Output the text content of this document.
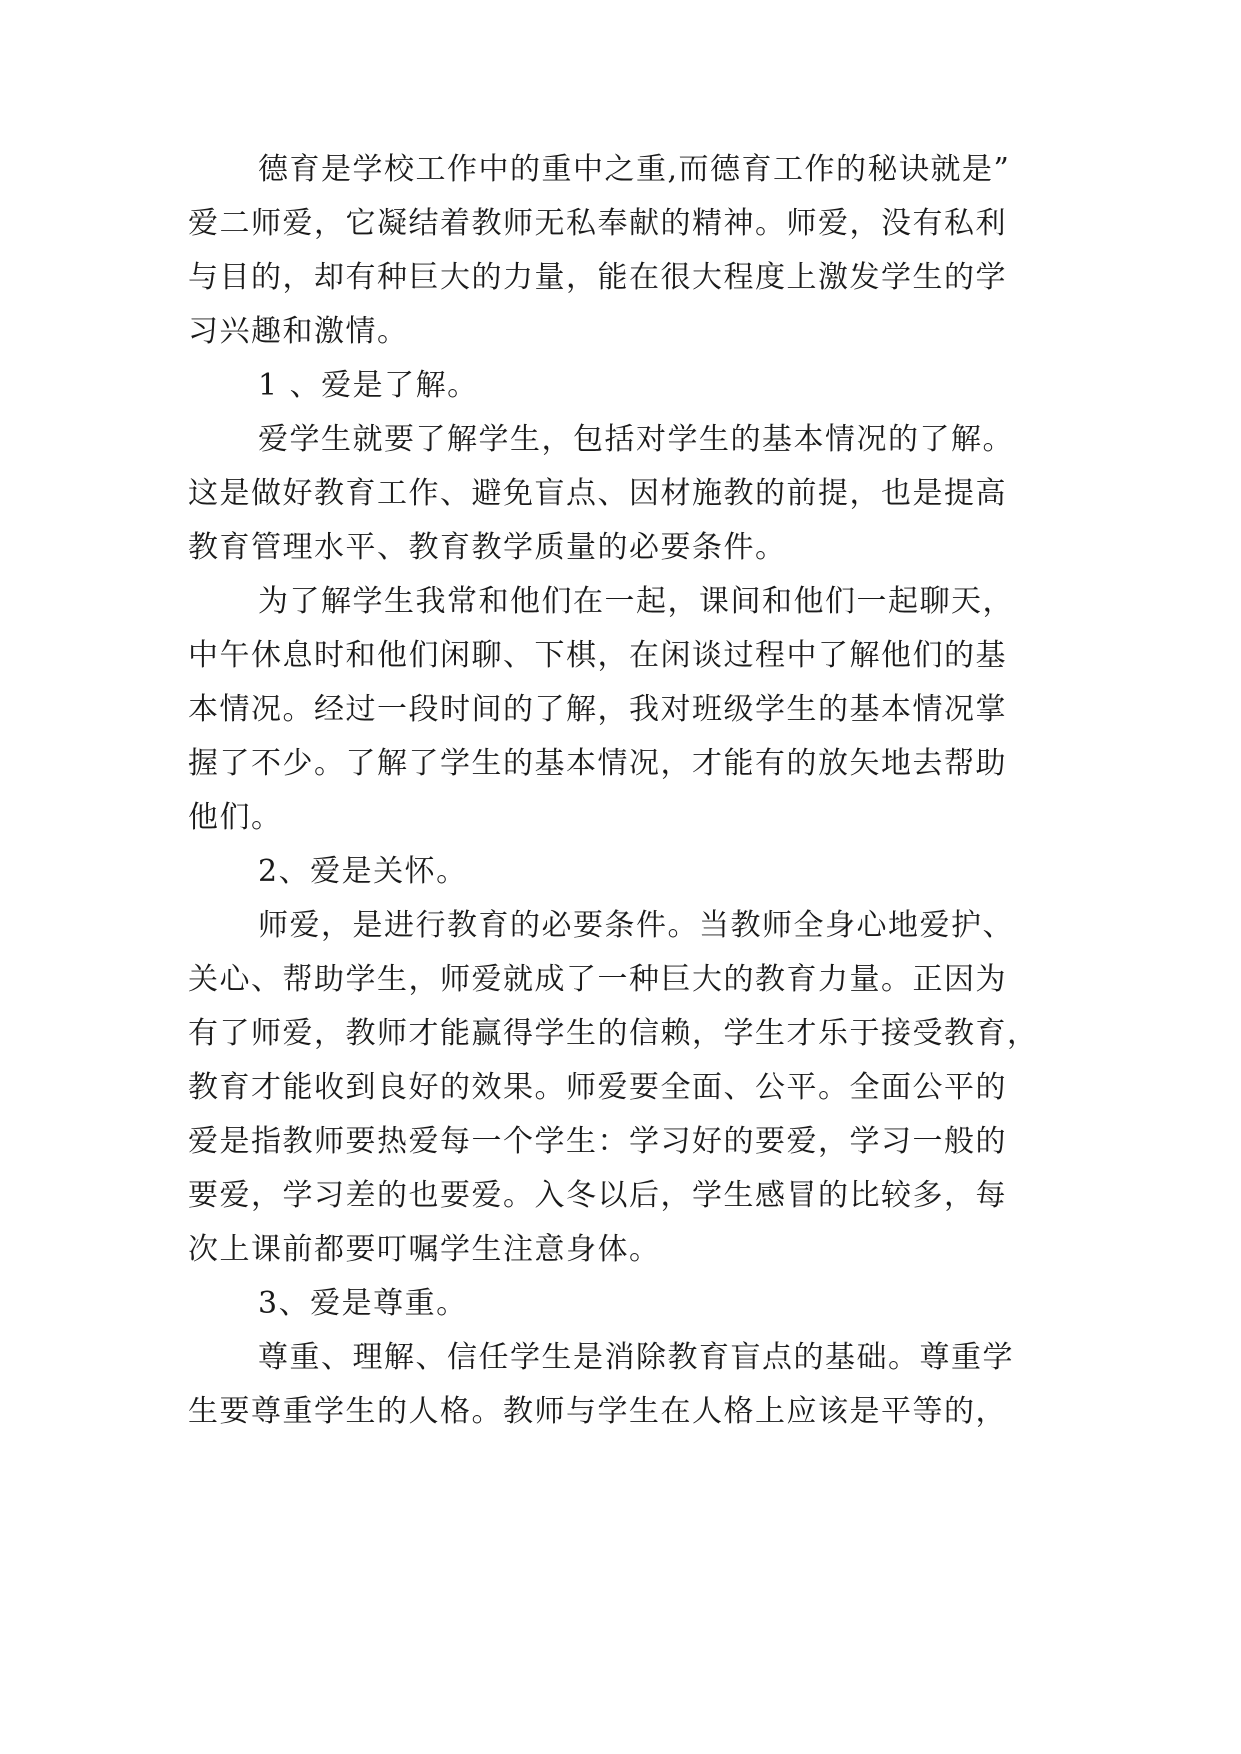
德育是学校工作中的重中之重,而德育工作的秘诀就是”

爱二师爱，它凝结着教师无私奉献的精神。师爱，没有私利

与目的，却有种巨大的力量，能在很大程度上激发学生的学

习兴趣和激情。

1 、爱是了解。

爱学生就要了解学生，包括对学生的基本情况的了解。

这是做好教育工作、避免盲点、因材施教的前提，也是提高

教育管理水平、教育教学质量的必要条件。

为了解学生我常和他们在一起，课间和他们一起聊天，

中午休息时和他们闲聊、下棋，在闲谈过程中了解他们的基

本情况。经过一段时间的了解，我对班级学生的基本情况掌

握了不少。了解了学生的基本情况，才能有的放矢地去帮助

他们。

2、爱是关怀。

师爱，是进行教育的必要条件。当教师全身心地爱护、

关心、帮助学生，师爱就成了一种巨大的教育力量。正因为

有了师爱，教师才能赢得学生的信赖，学生才乐于接受教育，

教育才能收到良好的效果。师爱要全面、公平。全面公平的

爱是指教师要热爱每一个学生：学习好的要爱，学习一般的

要爱，学习差的也要爱。入冬以后，学生感冒的比较多，每

次上课前都要叮嘱学生注意身体。

3、爱是尊重。

尊重、理解、信任学生是消除教育盲点的基础。尊重学

生要尊重学生的人格。教师与学生在人格上应该是平等的，
